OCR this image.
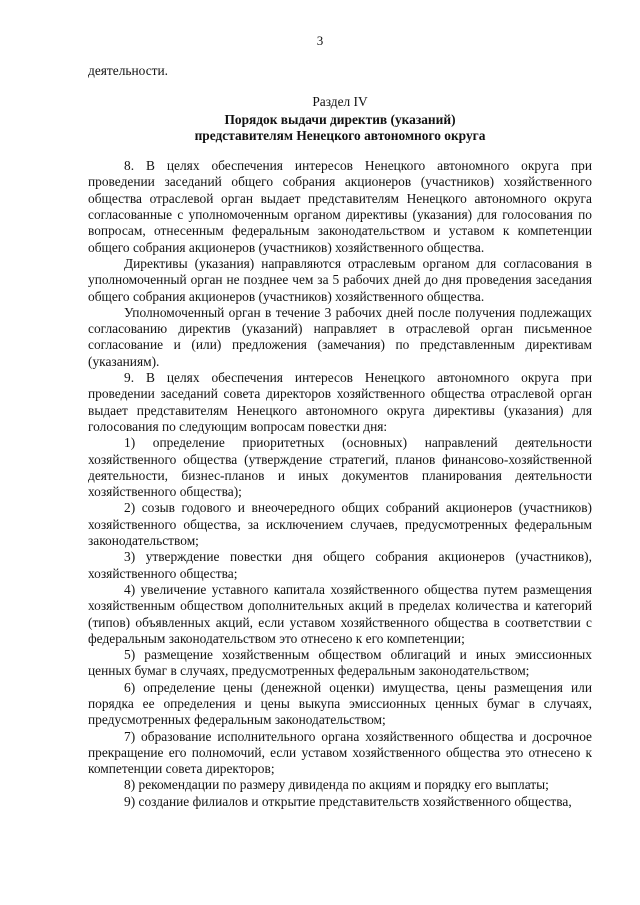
3

деятельности.

Раздел IV

Порядок выдачи директив (указаний)

представителям Ненецкого автономного округа

8. В целях обеспечения интересов Ненецкого автономного округа при проведении заседаний общего собрания акционеров (участников) хозяйственного общества отраслевой орган выдает представителям Ненецкого автономного округа согласованные с уполномоченным органом директивы (указания) для голосования по вопросам, отнесенным федеральным законодательством и уставом к компетенции общего собрания акционеров (участников) хозяйственного общества.

Директивы (указания) направляются отраслевым органом для согласования в уполномоченный орган не позднее чем за 5 рабочих дней до дня проведения заседания общего собрания акционеров (участников) хозяйственного общества.

Уполномоченный орган в течение 3 рабочих дней после получения подлежащих согласованию директив (указаний) направляет в отраслевой орган письменное согласование и (или) предложения (замечания) по представленным директивам (указаниям).

9. В целях обеспечения интересов Ненецкого автономного округа при проведении заседаний совета директоров хозяйственного общества отраслевой орган выдает представителям Ненецкого автономного округа директивы (указания) для голосования по следующим вопросам повестки дня:

1) определение приоритетных (основных) направлений деятельности хозяйственного общества (утверждение стратегий, планов финансово-хозяйственной деятельности, бизнес-планов и иных документов планирования деятельности хозяйственного общества);

2) созыв годового и внеочередного общих собраний акционеров (участников) хозяйственного общества, за исключением случаев, предусмотренных федеральным законодательством;

3) утверждение повестки дня общего собрания акционеров (участников), хозяйственного общества;

4) увеличение уставного капитала хозяйственного общества путем размещения хозяйственным обществом дополнительных акций в пределах количества и категорий (типов) объявленных акций, если уставом хозяйственного общества в соответствии с федеральным законодательством это отнесено к его компетенции;

5) размещение хозяйственным обществом облигаций и иных эмиссионных ценных бумаг в случаях, предусмотренных федеральным законодательством;

6) определение цены (денежной оценки) имущества, цены размещения или порядка ее определения и цены выкупа эмиссионных ценных бумаг в случаях, предусмотренных федеральным законодательством;

7) образование исполнительного органа хозяйственного общества и досрочное прекращение его полномочий, если уставом хозяйственного общества это отнесено к компетенции совета директоров;

8) рекомендации по размеру дивиденда по акциям и порядку его выплаты;

9) создание филиалов и открытие представительств хозяйственного общества,
